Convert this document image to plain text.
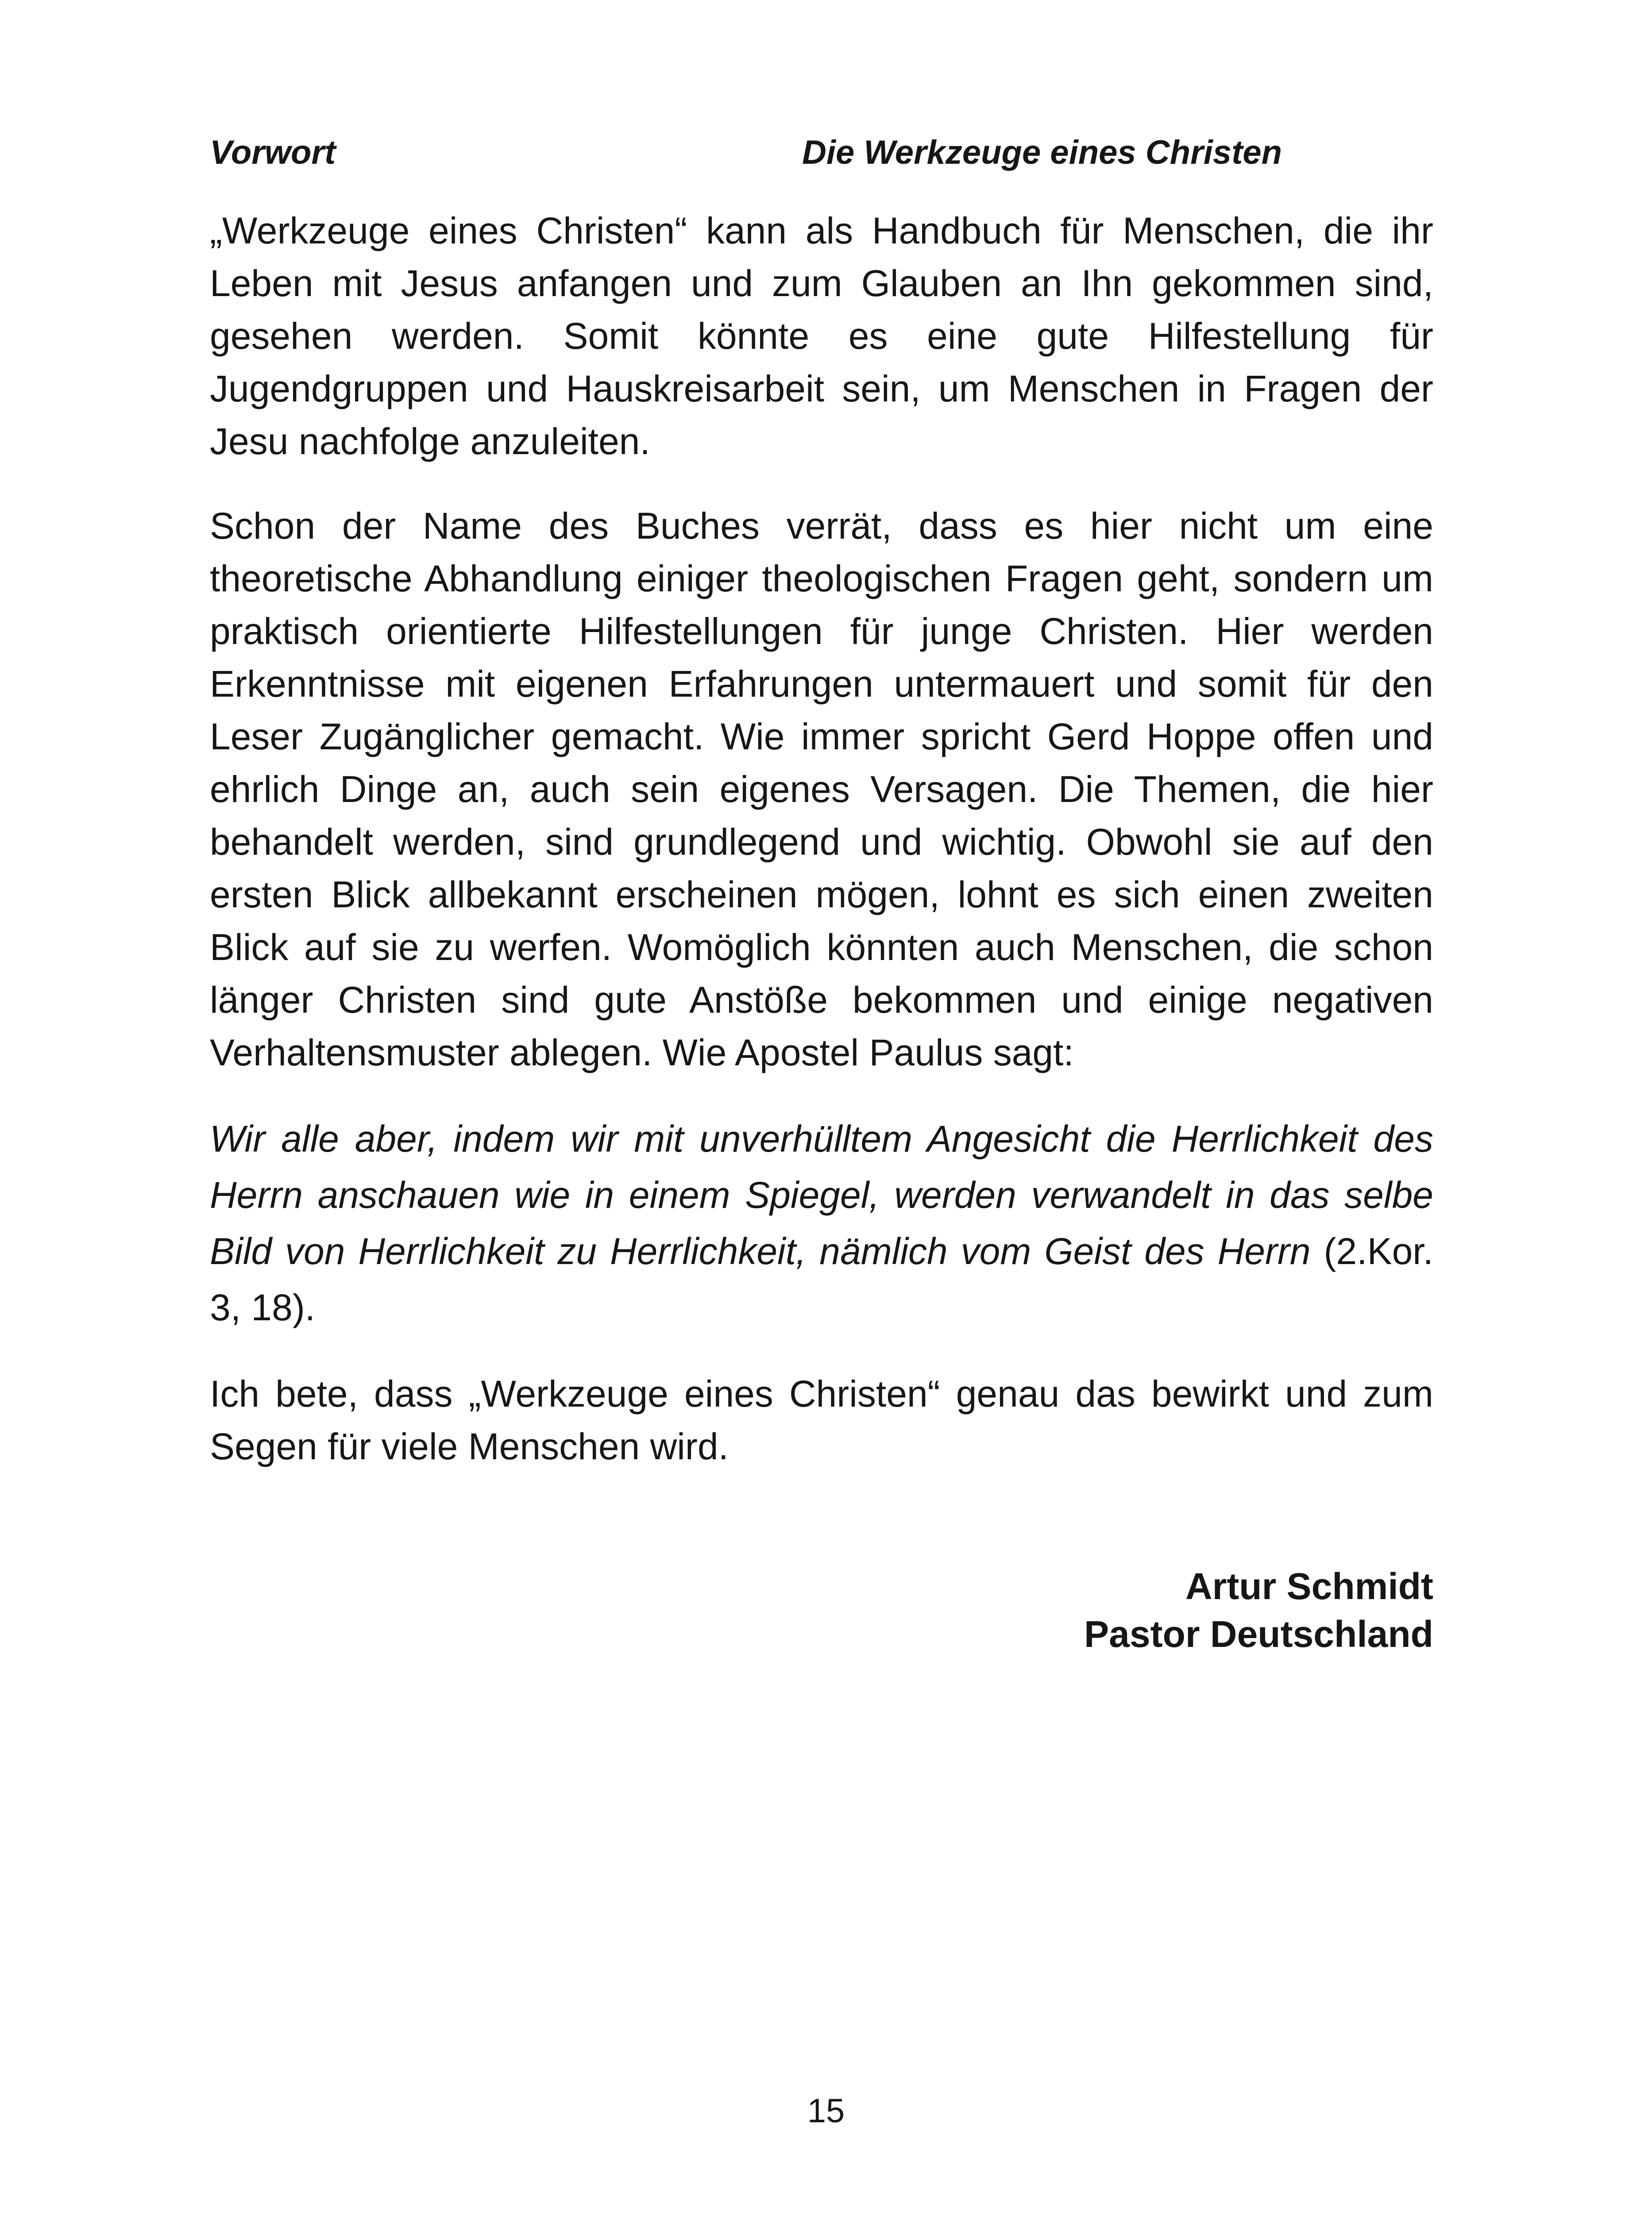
Vorwort	Die Werkzeuge eines Christen

„Werkzeuge eines Christen“ kann als Handbuch für Menschen, die ihr Leben mit Jesus anfangen und zum Glauben an Ihn gekommen sind, gesehen werden. Somit könnte es eine gute Hilfestellung für Jugendgruppen und Hauskreisarbeit sein, um Menschen in Fragen der Jesu nachfolge anzuleiten.

Schon der Name des Buches verrät, dass es hier nicht um eine theoretische Abhandlung einiger theologischen Fragen geht, sondern um praktisch orientierte Hilfestellungen für junge Christen. Hier werden Erkenntnisse mit eigenen Erfahrungen untermauert und somit für den Leser Zugänglicher gemacht. Wie immer spricht Gerd Hoppe offen und ehrlich Dinge an, auch sein eigenes Versagen. Die Themen, die hier behandelt werden, sind grundlegend und wichtig. Obwohl sie auf den ersten Blick allbekannt erscheinen mögen, lohnt es sich einen zweiten Blick auf sie zu werfen. Womöglich könnten auch Menschen, die schon länger Christen sind gute Anstößе bekommen und einige negativen Verhaltensmuster ablegen. Wie Apostel Paulus sagt:

Wir alle aber, indem wir mit unverhülltem Angesicht die Herrlichkeit des Herrn anschauen wie in einem Spiegel, werden verwandelt in das selbe Bild von Herrlichkeit zu Herrlichkeit, nämlich vom Geist des Herrn (2.Kor. 3, 18).

Ich bete, dass „Werkzeuge eines Christen“ genau das bewirkt und zum Segen für viele Menschen wird.

Artur Schmidt
Pastor Deutschland
15
